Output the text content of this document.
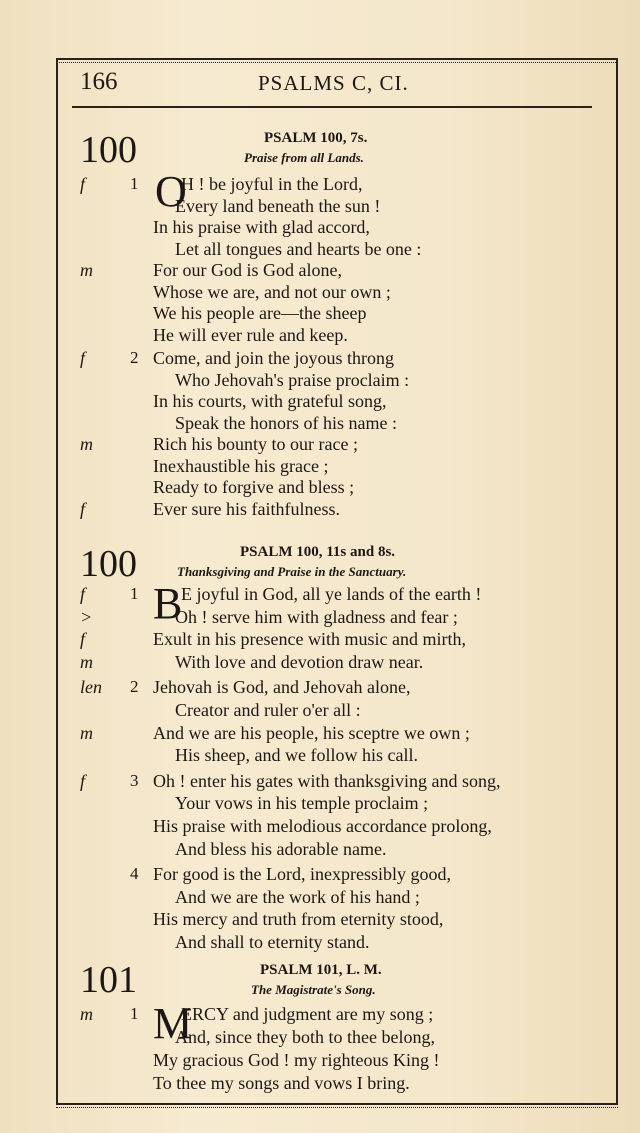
166	PSALMS C, CI.
100	PSALM 100, 7s.
Praise from all Lands.
O
f	1 H ! be joyful in the Lord,
Every land beneath the sun !
In his praise with glad accord,
Let all tongues and hearts be one :
m	For our God is God alone,
Whose we are, and not our own ;
We his people are—the sheep
He will ever rule and keep.
f	2 Come, and join the joyous throng
Who Jehovah's praise proclaim :
In his courts, with grateful song,
Speak the honors of his name :
m	Rich his bounty to our race ;
Inexhaustible his grace ;
Ready to forgive and bless ;
f	Ever sure his faithfulness.
100	PSALM 100, 11s and 8s.
Thanksgiving and Praise in the Sanctuary.
B
f	1 E joyful in God, all ye lands of the earth !
>	Oh ! serve him with gladness and fear ;
f	Exult in his presence with music and mirth,
m	With love and devotion draw near.
len 2 Jehovah is God, and Jehovah alone,
Creator and ruler o'er all :
m	And we are his people, his sceptre we own ;
His sheep, and we follow his call.
f	3 Oh ! enter his gates with thanksgiving and song,
Your vows in his temple proclaim ;
His praise with melodious accordance prolong,
And bless his adorable name.
4 For good is the Lord, inexpressibly good,
And we are the work of his hand ;
His mercy and truth from eternity stood,
And shall to eternity stand.
101	PSALM 101, L. M.
The Magistrate's Song.
M
m 1 ERCY and judgment are my song ;
And, since they both to thee belong,
My gracious God ! my righteous King !
To thee my songs and vows I bring.
